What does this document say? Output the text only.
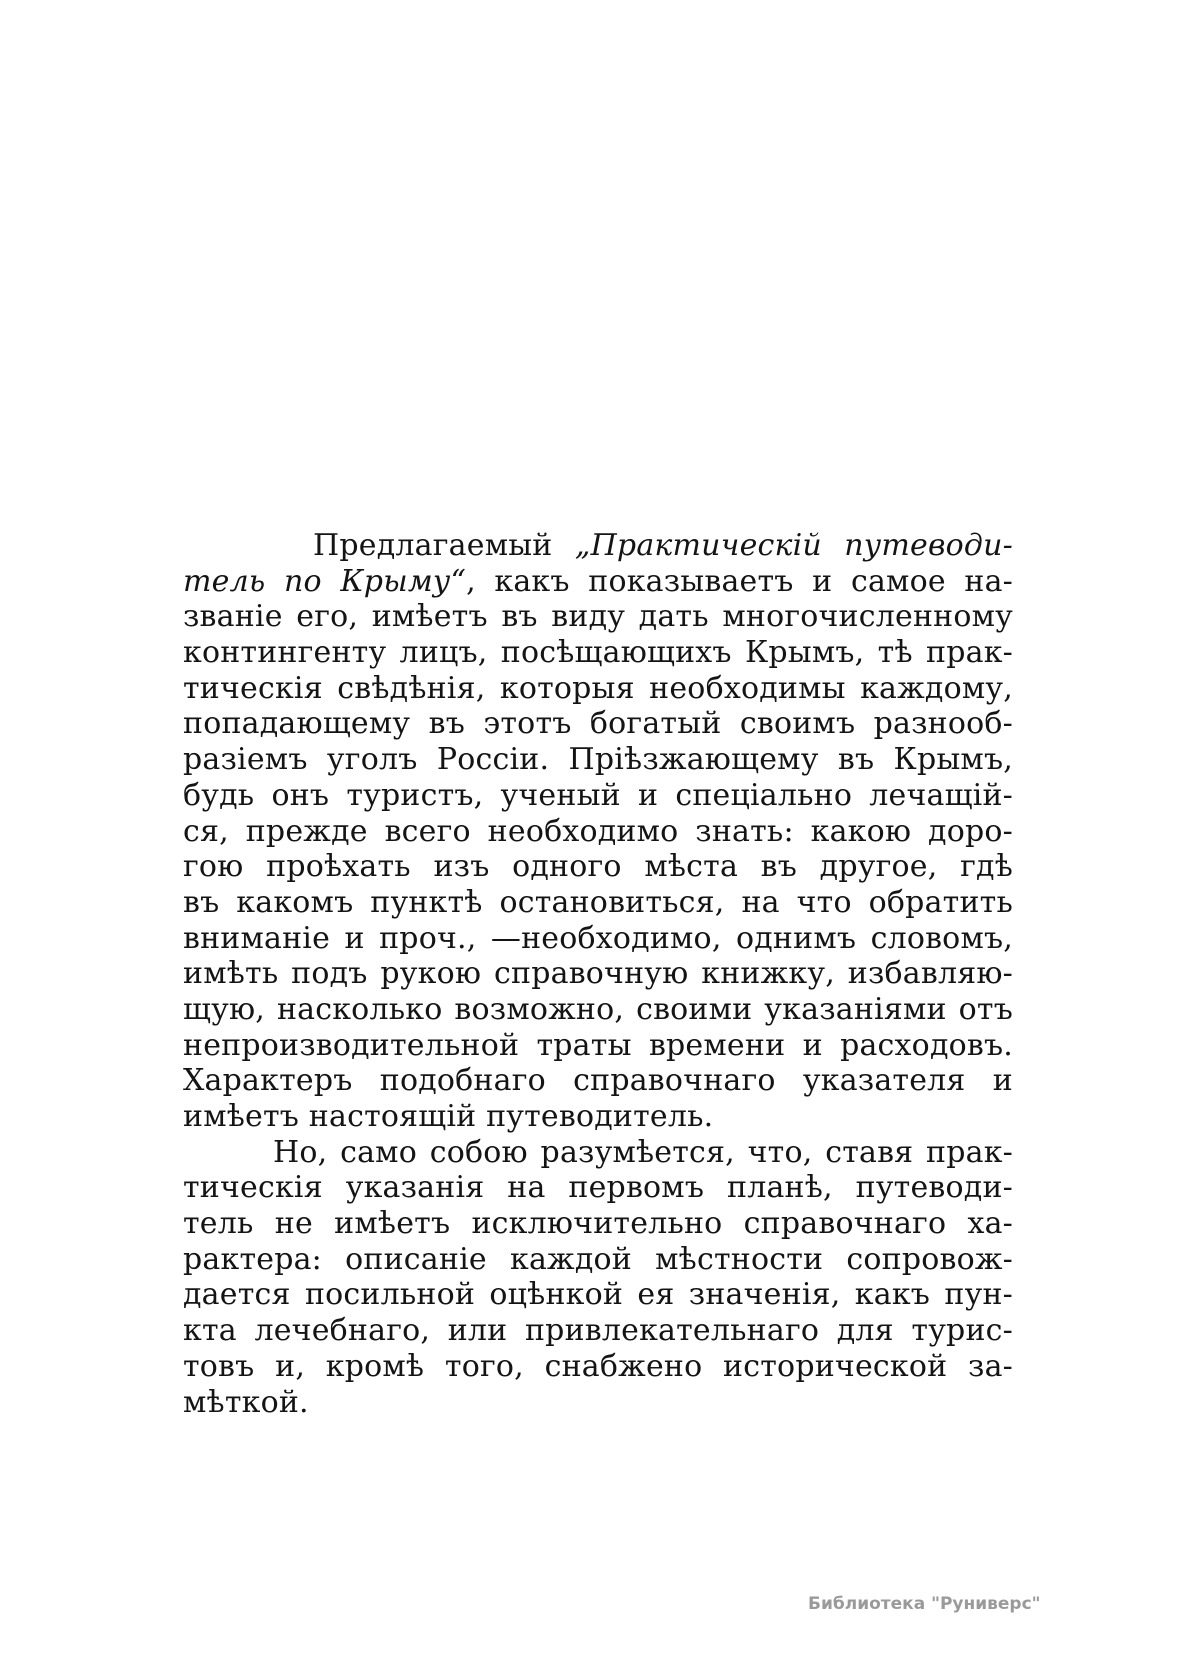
Предлагаемый „Практическій путеводи-
тель по Крыму“, какъ показываетъ и самое на-
званіе его, имѣетъ въ виду дать многочисленному
контингенту лицъ, посѣщающихъ Крымъ, тѣ прак-
тическія свѣдѣнія, которыя необходимы каждому,
попадающему въ этотъ богатый своимъ разнооб-
разіемъ уголъ Россіи. Пріѣзжающему въ Крымъ,
будь онъ туристъ, ученый и спеціально лечащій-
ся, прежде всего необходимо знать: какою доро-
гою проѣхать изъ одного мѣста въ другое, гдѣ
въ какомъ пунктѣ остановиться, на что обратить
вниманіе и проч., —необходимо, однимъ словомъ,
имѣть подъ рукою справочную книжку, избавляю-
щую, насколько возможно, своими указаніями отъ
непроизводительной траты времени и расходовъ.
Характеръ подобнаго справочнаго указателя и
имѣетъ настоящій путеводитель.
Но, само собою разумѣется, что, ставя прак-
тическія указанія на первомъ планѣ, путеводи-
тель не имѣетъ исключительно справочнаго ха-
рактера: описаніе каждой мѣстности сопровож-
дается посильной оцѣнкой ея значенія, какъ пун-
кта лечебнаго, или привлекательнаго для турис-
товъ и, кромѣ того, снабжено исторической за-
мѣткой.
Библиотека "Руниверс"
